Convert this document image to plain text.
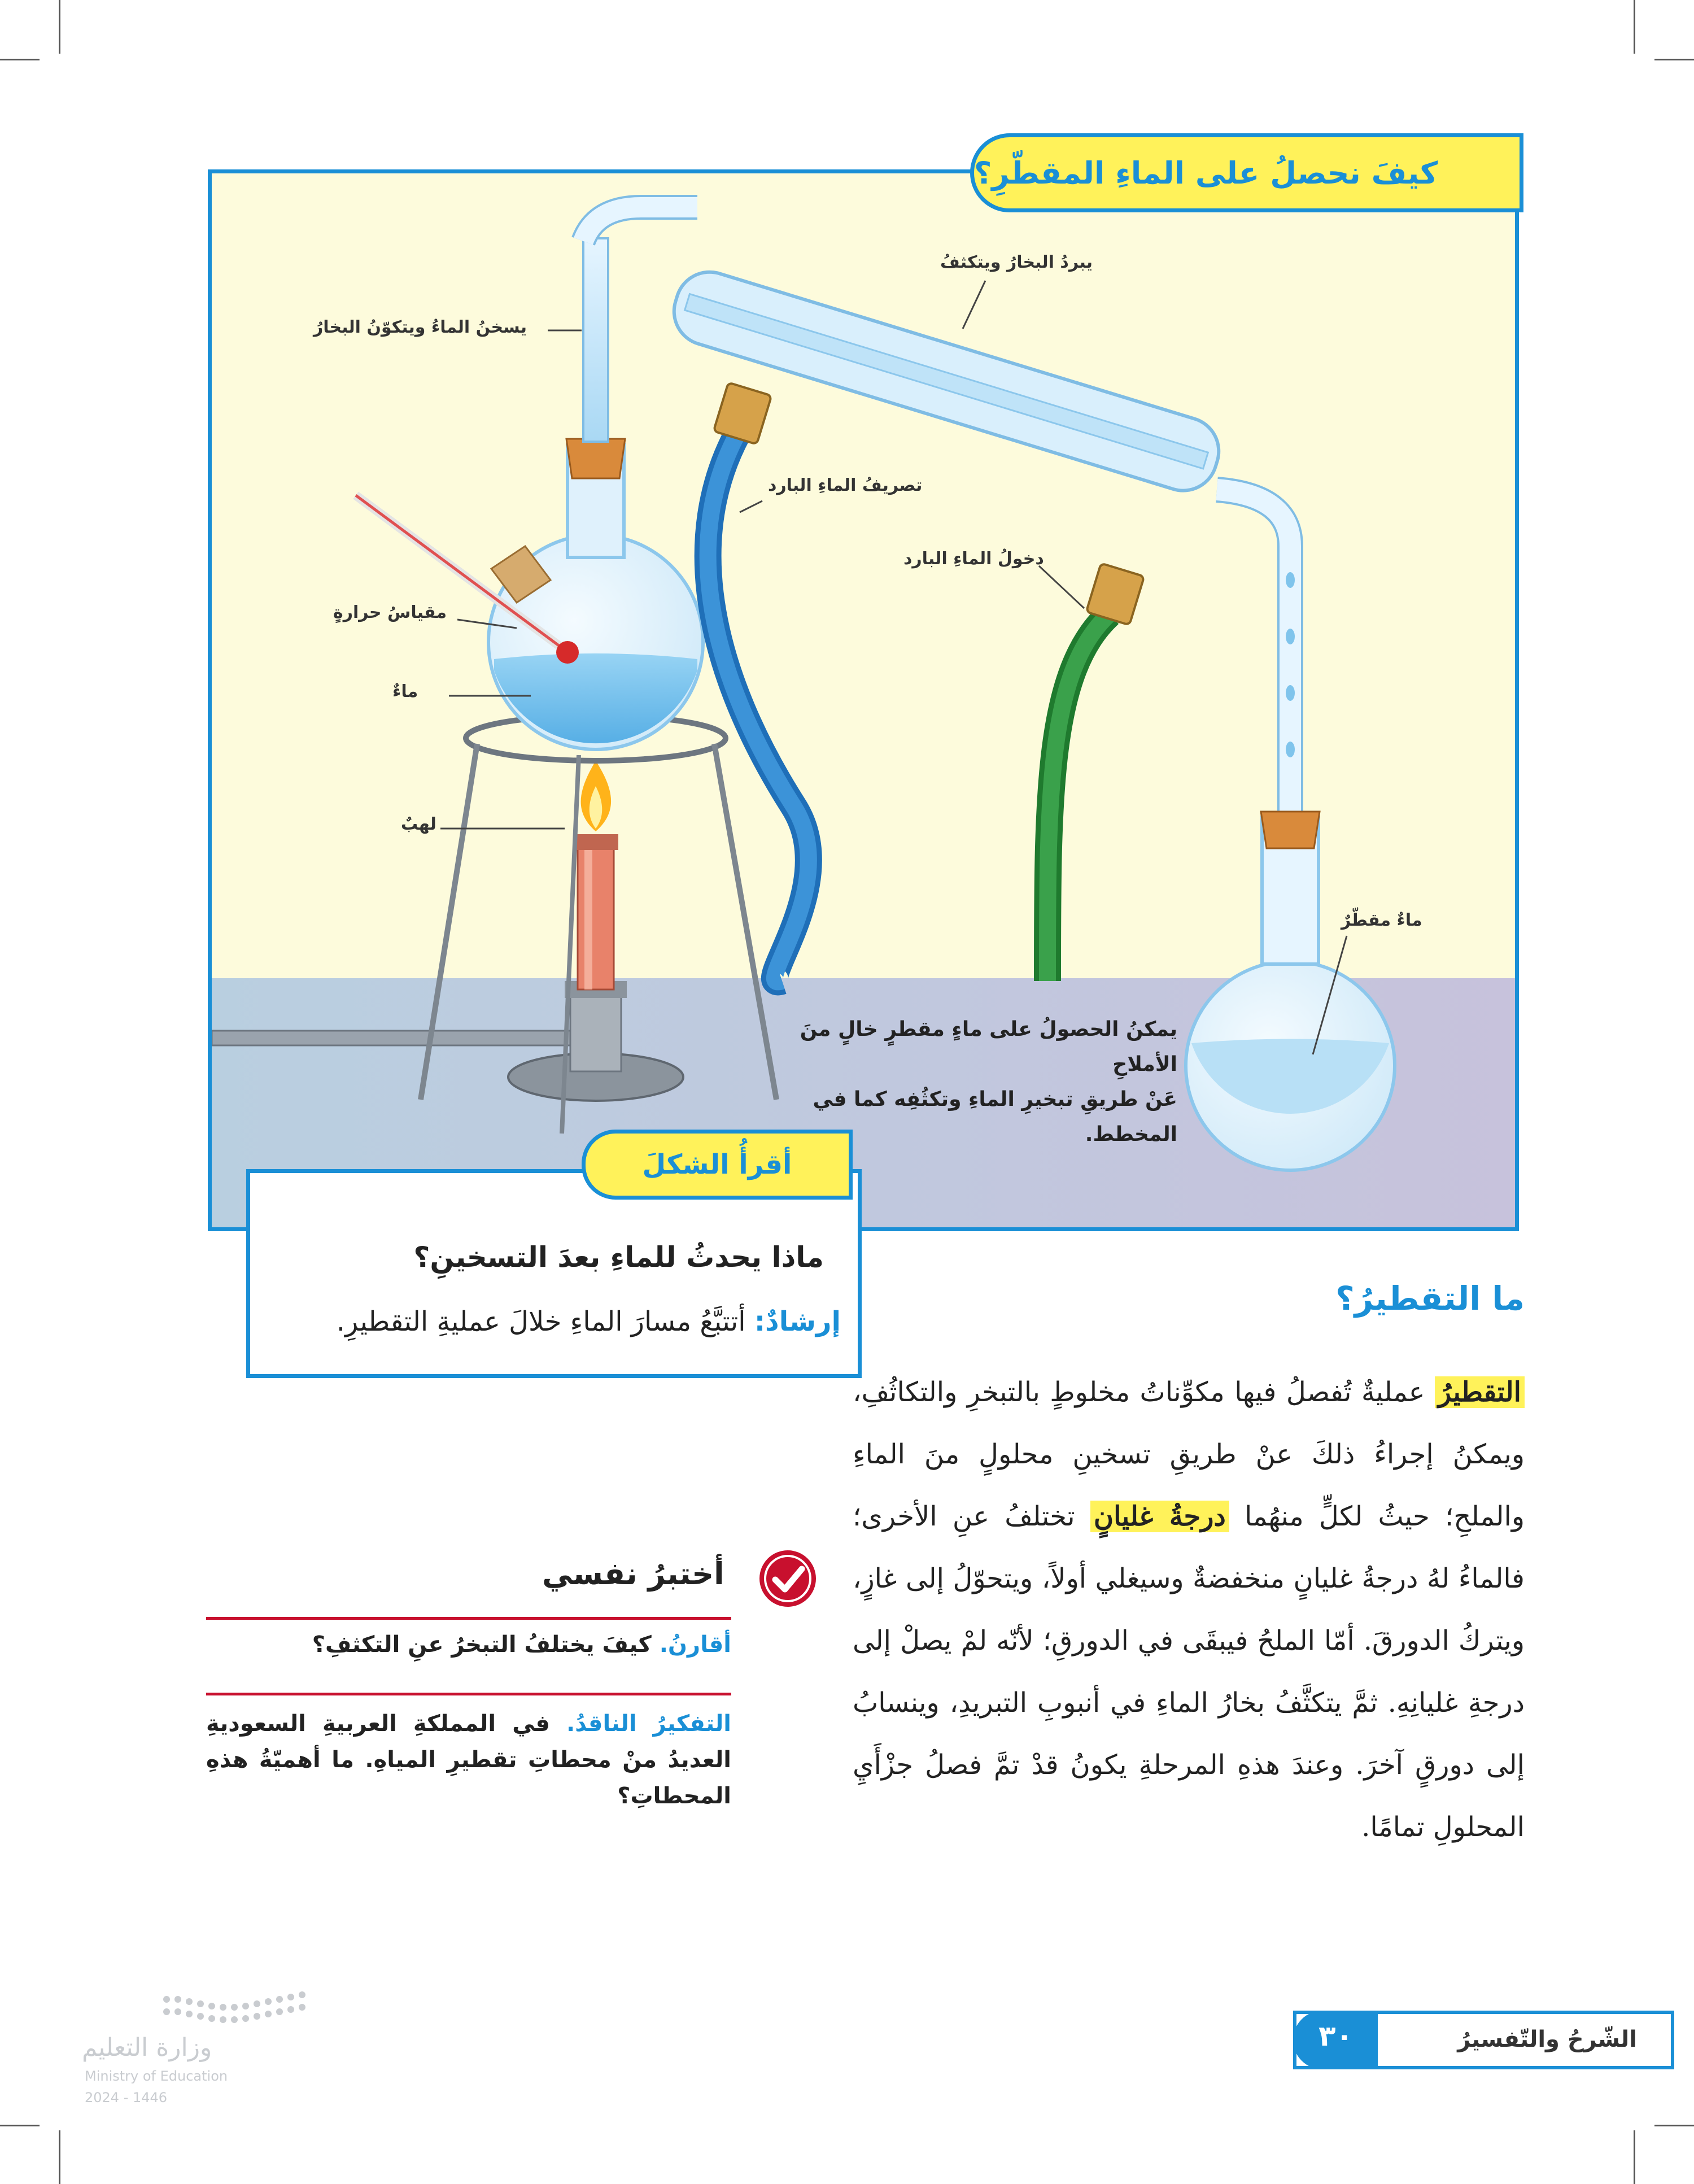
يبردُ البخارُ ويتكثفُ
يسخنُ الماءُ ويتكوّنُ البخارُ
تصريفُ الماءِ البارد
دخولُ الماءِ البارد
مقياسُ حرارةٍ
ماءٌ
لهبٌ
ماءٌ مقطّرٌ
يمكنُ الحصولُ على ماءٍ مقطرٍ خالٍ منَ الأملاحِ
عَنْ طريقِ تبخيرِ الماءِ وتكثُفِه كما في المخطط.
كيفَ نحصلُ على الماءِ المقطّرِ؟
ماذا يحدثُ للماءِ بعدَ التسخينِ؟
إرشادٌ: أتتبَّعُ مسارَ الماءِ خلالَ عمليةِ التقطيرِ.
أقرأُ الشكلَ
ما التقطيرُ؟
التقطيرُ عمليةٌ تُفصلُ فيها مكوِّناتُ مخلوطٍ بالتبخرِ والتكاثُفِ، ويمكنُ إجراءُ ذلكَ عنْ طريقِ تسخينِ محلولٍ منَ الماءِ والملحِ؛ حيثُ لكلٍّ منهُما درجةُ غليانٍ تختلفُ عنِ الأخرى؛ فالماءُ لهُ درجةُ غليانٍ منخفضةٌ وسيغلي أولاً، ويتحوّلُ إلى غازٍ، ويتركُ الدورقَ. أمّا الملحُ فيبقَى في الدورقِ؛ لأنّه لمْ يصلْ إلى درجةِ غليانِهِ. ثمَّ يتكثَّفُ بخارُ الماءِ في أنبوبِ التبريدِ، وينسابُ إلى دورقٍ آخرَ. وعندَ هذهِ المرحلةِ يكونُ قدْ تمَّ فصلُ جزْأَيِ المحلولِ تمامًا.
أختبرُ نفسي
أقارنُ. كيفَ يختلفُ التبخرُ عنِ التكثفِ؟
التفكيرُ الناقدُ. في المملكةِ العربيةِ السعوديةِ العديدُ منْ محطاتِ تقطيرِ المياهِ. ما أهميّةُ هذهِ المحطاتِ؟
الشّرحُ والتّفسيرُ
٣٠
وزارة التعليم
Ministry of Education
2024 - 1446
